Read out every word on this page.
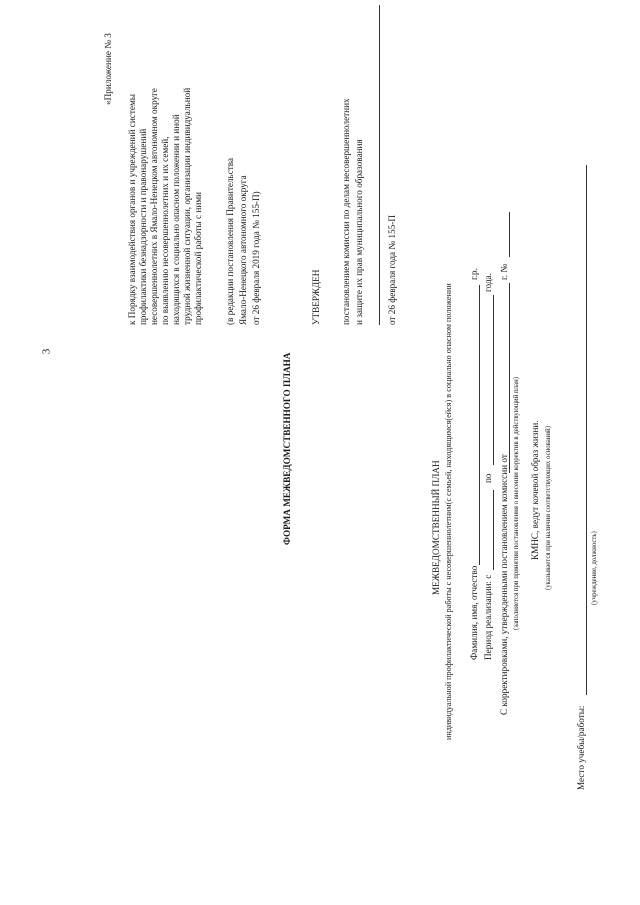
3
«Приложение № 3
к Порядку взаимодействия органов и учреждений системы профилактики безнадзорности и правонарушений несовершеннолетних в Ямало-Ненецком автономном округе по выявлению несовершеннолетних и их семей, находящихся в социально опасном положении и иной трудной жизненной ситуации, организации индивидуальной профилактической работы с ними (в редакции постановления Правительства Ямало-Ненецкого автономного округа от 26 февраля 2019 года № 155-П)
ФОРМА МЕЖВЕДОМСТВЕННОГО ПЛАНА
УТВЕРЖДЕН постановлением комиссии по делам несовершеннолетних и защите их прав муниципального образования	от 26 февраля года № 155-П
МЕЖВЕДОМСТВЕННЫЙ ПЛАН индивидуальной профилактической работы с несовершеннолетним(с семьей, находящимся(ейся) в социально опасном положении Фамилия, имя, отчество
г.р.
Период реализации: с
по
года.
С корректировками, утвержденными постановлением комиссии от
г. №
(заполняется при принятии постановления о внесении корректив в действующий план) КМНС, ведут кочевой образ жизни. (указывается при наличии соответствующих оснований)
Место учебы/работы:
(учреждение, должность)
